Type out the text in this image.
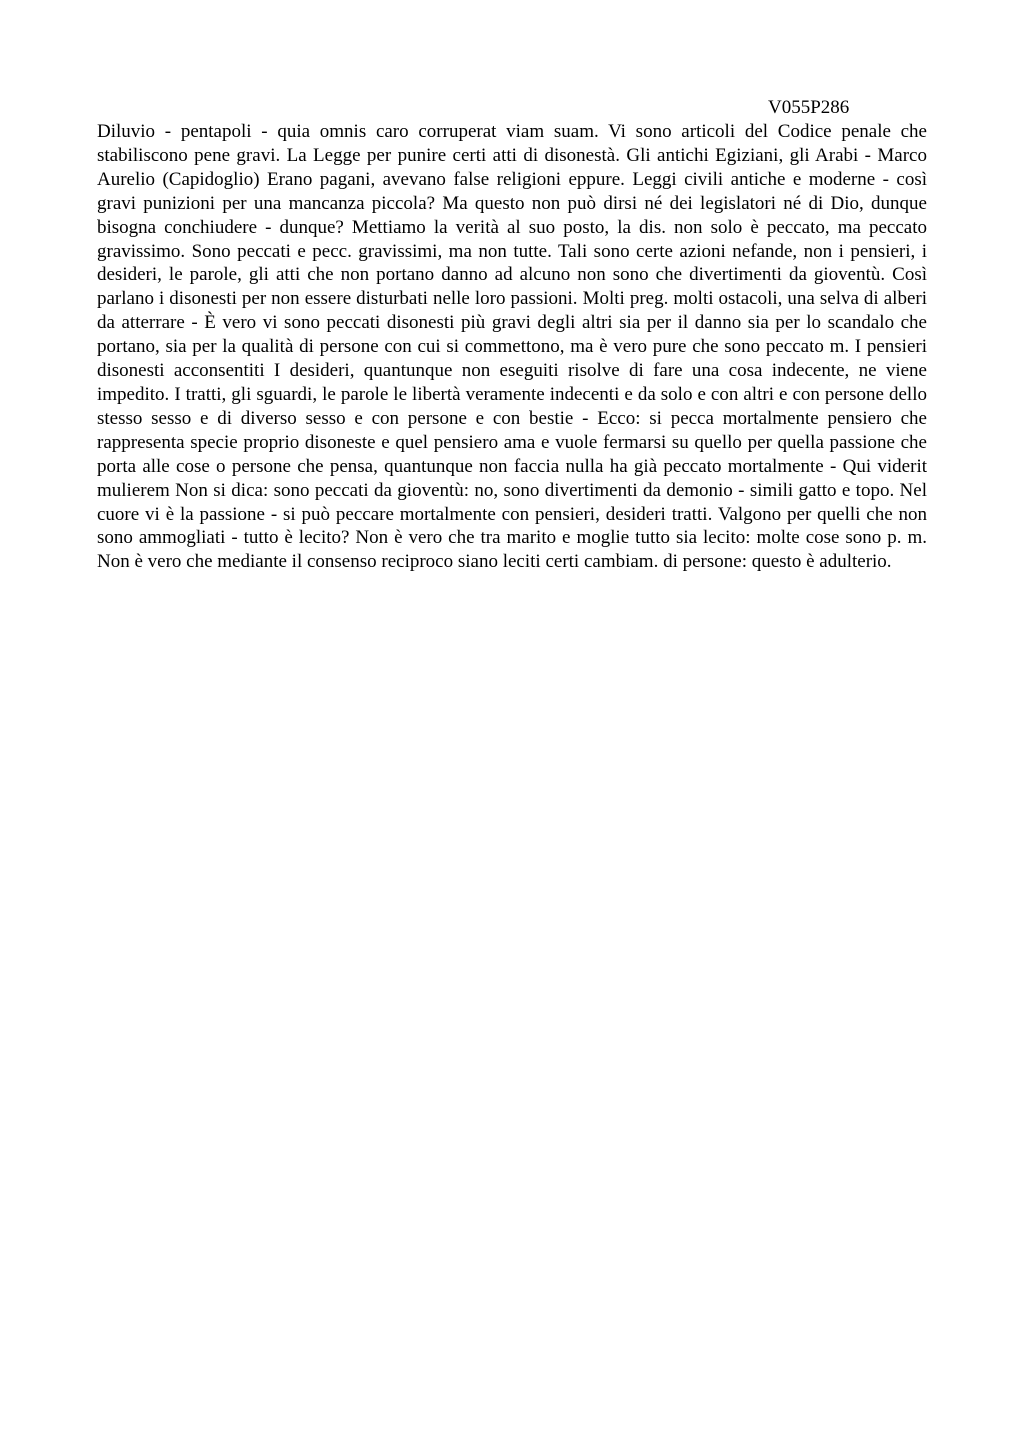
V055P286

Diluvio - pentapoli - quia omnis caro corruperat viam suam. Vi sono articoli del Codice penale che stabiliscono pene gravi. La Legge per punire certi atti di disonestà. Gli antichi Egiziani, gli Arabi - Marco Aurelio (Capidoglio) Erano pagani, avevano false religioni eppure. Leggi civili antiche e moderne - così gravi punizioni per una mancanza piccola? Ma questo non può dirsi né dei legislatori né di Dio, dunque bisogna conchiudere - dunque? Mettiamo la verità al suo posto, la dis. non solo è peccato, ma peccato gravissimo. Sono peccati e pecc. gravissimi, ma non tutte. Tali sono certe azioni nefande, non i pensieri, i desideri, le parole, gli atti che non portano danno ad alcuno non sono che divertimenti da gioventù. Così parlano i disonesti per non essere disturbati nelle loro passioni. Molti preg. molti ostacoli, una selva di alberi da atterrare - È vero vi sono peccati disonesti più gravi degli altri sia per il danno sia per lo scandalo che portano, sia per la qualità di persone con cui si commettono, ma è vero pure che sono peccato m. I pensieri disonesti acconsentiti I desideri, quantunque non eseguiti risolve di fare una cosa indecente, ne viene impedito. I tratti, gli sguardi, le parole le libertà veramente indecenti e da solo e con altri e con persone dello stesso sesso e di diverso sesso e con persone e con bestie - Ecco: si pecca mortalmente pensiero che rappresenta specie proprio disoneste e quel pensiero ama e vuole fermarsi su quello per quella passione che porta alle cose o persone che pensa, quantunque non faccia nulla ha già peccato mortalmente - Qui viderit mulierem Non si dica: sono peccati da gioventù: no, sono divertimenti da demonio - simili gatto e topo. Nel cuore vi è la passione - si può peccare mortalmente con pensieri, desideri tratti. Valgono per quelli che non sono ammogliati - tutto è lecito? Non è vero che tra marito e moglie tutto sia lecito: molte cose sono p. m. Non è vero che mediante il consenso reciproco siano leciti certi cambiam. di persone: questo è adulterio.
